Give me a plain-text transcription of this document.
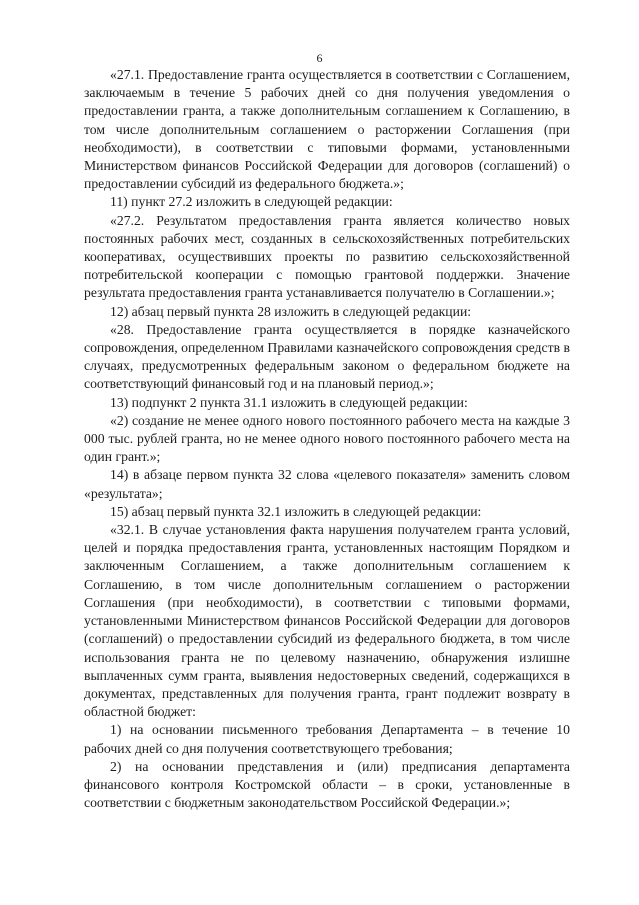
6

«27.1. Предоставление гранта осуществляется в соответствии с Соглашением, заключаемым в течение 5 рабочих дней со дня получения уведомления о предоставлении гранта, а также дополнительным соглашением к Соглашению, в том числе дополнительным соглашением о расторжении Соглашения (при необходимости), в соответствии с типовыми формами, установленными Министерством финансов Российской Федерации для договоров (соглашений) о предоставлении субсидий из федерального бюджета.»;

11) пункт 27.2 изложить в следующей редакции:

«27.2. Результатом предоставления гранта является количество новых постоянных рабочих мест, созданных в сельскохозяйственных потребительских кооперативах, осуществивших проекты по развитию сельскохозяйственной потребительской кооперации с помощью грантовой поддержки. Значение результата предоставления гранта устанавливается получателю в Соглашении.»;

12) абзац первый пункта 28 изложить в следующей редакции:

«28. Предоставление гранта осуществляется в порядке казначейского сопровождения, определенном Правилами казначейского сопровождения средств в случаях, предусмотренных федеральным законом о федеральном бюджете на соответствующий финансовый год и на плановый период.»;

13) подпункт 2 пункта 31.1 изложить в следующей редакции:

«2) создание не менее одного нового постоянного рабочего места на каждые 3 000 тыс. рублей гранта, но не менее одного нового постоянного рабочего места на один грант.»;

14) в абзаце первом пункта 32 слова «целевого показателя» заменить словом «результата»;

15) абзац первый пункта 32.1 изложить в следующей редакции:

«32.1. В случае установления факта нарушения получателем гранта условий, целей и порядка предоставления гранта, установленных настоящим Порядком и заключенным Соглашением, а также дополнительным соглашением к Соглашению, в том числе дополнительным соглашением о расторжении Соглашения (при необходимости), в соответствии с типовыми формами, установленными Министерством финансов Российской Федерации для договоров (соглашений) о предоставлении субсидий из федерального бюджета, в том числе использования гранта не по целевому назначению, обнаружения излишне выплаченных сумм гранта, выявления недостоверных сведений, содержащихся в документах, представленных для получения гранта, грант подлежит возврату в областной бюджет:

1) на основании письменного требования Департамента – в течение 10 рабочих дней со дня получения соответствующего требования;

2) на основании представления и (или) предписания департамента финансового контроля Костромской области – в сроки, установленные в соответствии с бюджетным законодательством Российской Федерации.»;
